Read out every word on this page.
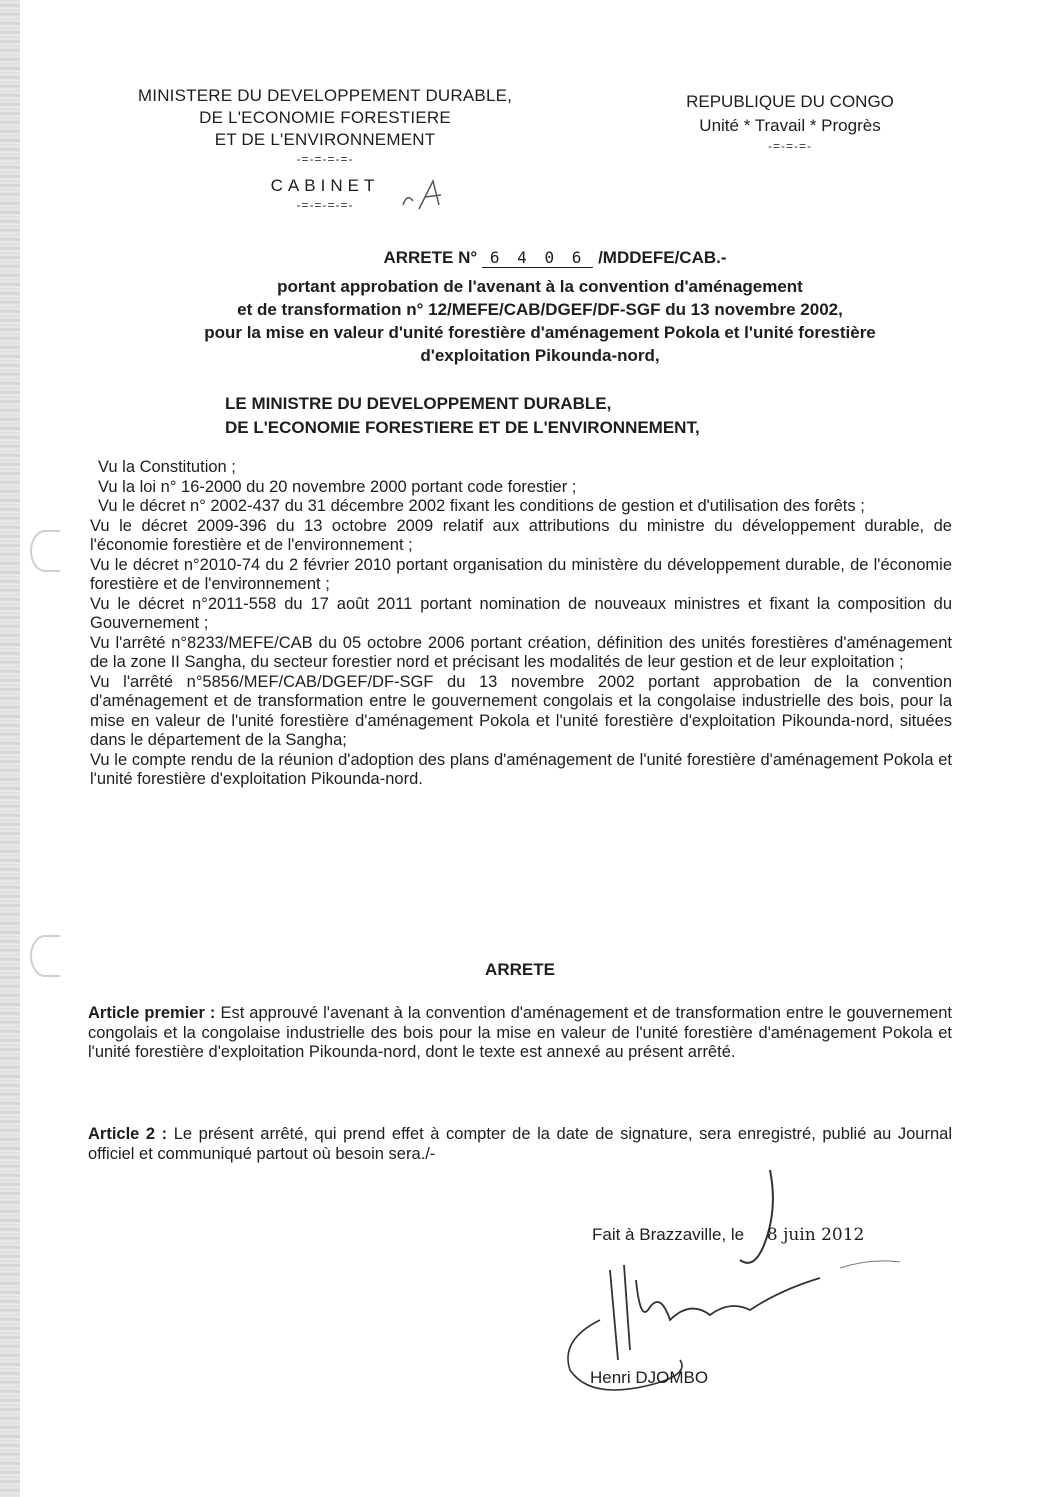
MINISTERE DU DEVELOPPEMENT DURABLE,
DE L'ECONOMIE FORESTIERE
ET DE L'ENVIRONNEMENT
-=-=-=-=-
CABINET
-=-=-=-=-
REPUBLIQUE DU CONGO
Unité * Travail * Progrès
-=-=-=-
ARRETE N° 6 4 0 6 /MDDEFE/CAB.-
portant approbation de l'avenant à la convention d'aménagement
et de transformation n° 12/MEFE/CAB/DGEF/DF-SGF du 13 novembre 2002,
pour la mise en valeur d'unité forestière d'aménagement Pokola et l'unité forestière
d'exploitation Pikounda-nord,
LE MINISTRE DU DEVELOPPEMENT DURABLE,
DE L'ECONOMIE FORESTIERE ET DE L'ENVIRONNEMENT,

Vu la Constitution ;

Vu la loi n° 16-2000 du 20 novembre 2000 portant code forestier ;

Vu le décret n° 2002-437 du 31 décembre 2002 fixant les conditions de gestion et d'utilisation des forêts ;

Vu le décret 2009-396 du 13 octobre 2009 relatif aux attributions du ministre du développement durable, de l'économie forestière et de l'environnement ;

Vu le décret n°2010-74 du 2 février 2010 portant organisation du ministère du développement durable, de l'économie forestière et de l'environnement ;

Vu le décret n°2011-558 du 17 août 2011 portant nomination de nouveaux ministres et fixant la composition du Gouvernement ;

Vu l'arrêté n°8233/MEFE/CAB du 05 octobre 2006 portant création, définition des unités forestières d'aménagement de la zone II Sangha, du secteur forestier nord et précisant les modalités de leur gestion et de leur exploitation ;

Vu l'arrêté n°5856/MEF/CAB/DGEF/DF-SGF du 13 novembre 2002 portant approbation de la convention d'aménagement et de transformation entre le gouvernement congolais et la congolaise industrielle des bois, pour la mise en valeur de l'unité forestière d'aménagement Pokola et l'unité forestière d'exploitation Pikounda-nord, situées dans le département de la Sangha;

Vu le compte rendu de la réunion d'adoption des plans d'aménagement de l'unité forestière d'aménagement Pokola et l'unité forestière d'exploitation Pikounda-nord.

ARRETE
Article premier : Est approuvé l'avenant à la convention d'aménagement et de transformation entre le gouvernement congolais et la congolaise industrielle des bois pour la mise en valeur de l'unité forestière d'aménagement Pokola et l'unité forestière d'exploitation Pikounda-nord, dont le texte est annexé au présent arrêté.
Article 2 : Le présent arrêté, qui prend effet à compter de la date de signature, sera enregistré, publié au Journal officiel et communiqué partout où besoin sera./-
Fait à Brazzaville, le 8 juin 2012
Henri DJOMBO
